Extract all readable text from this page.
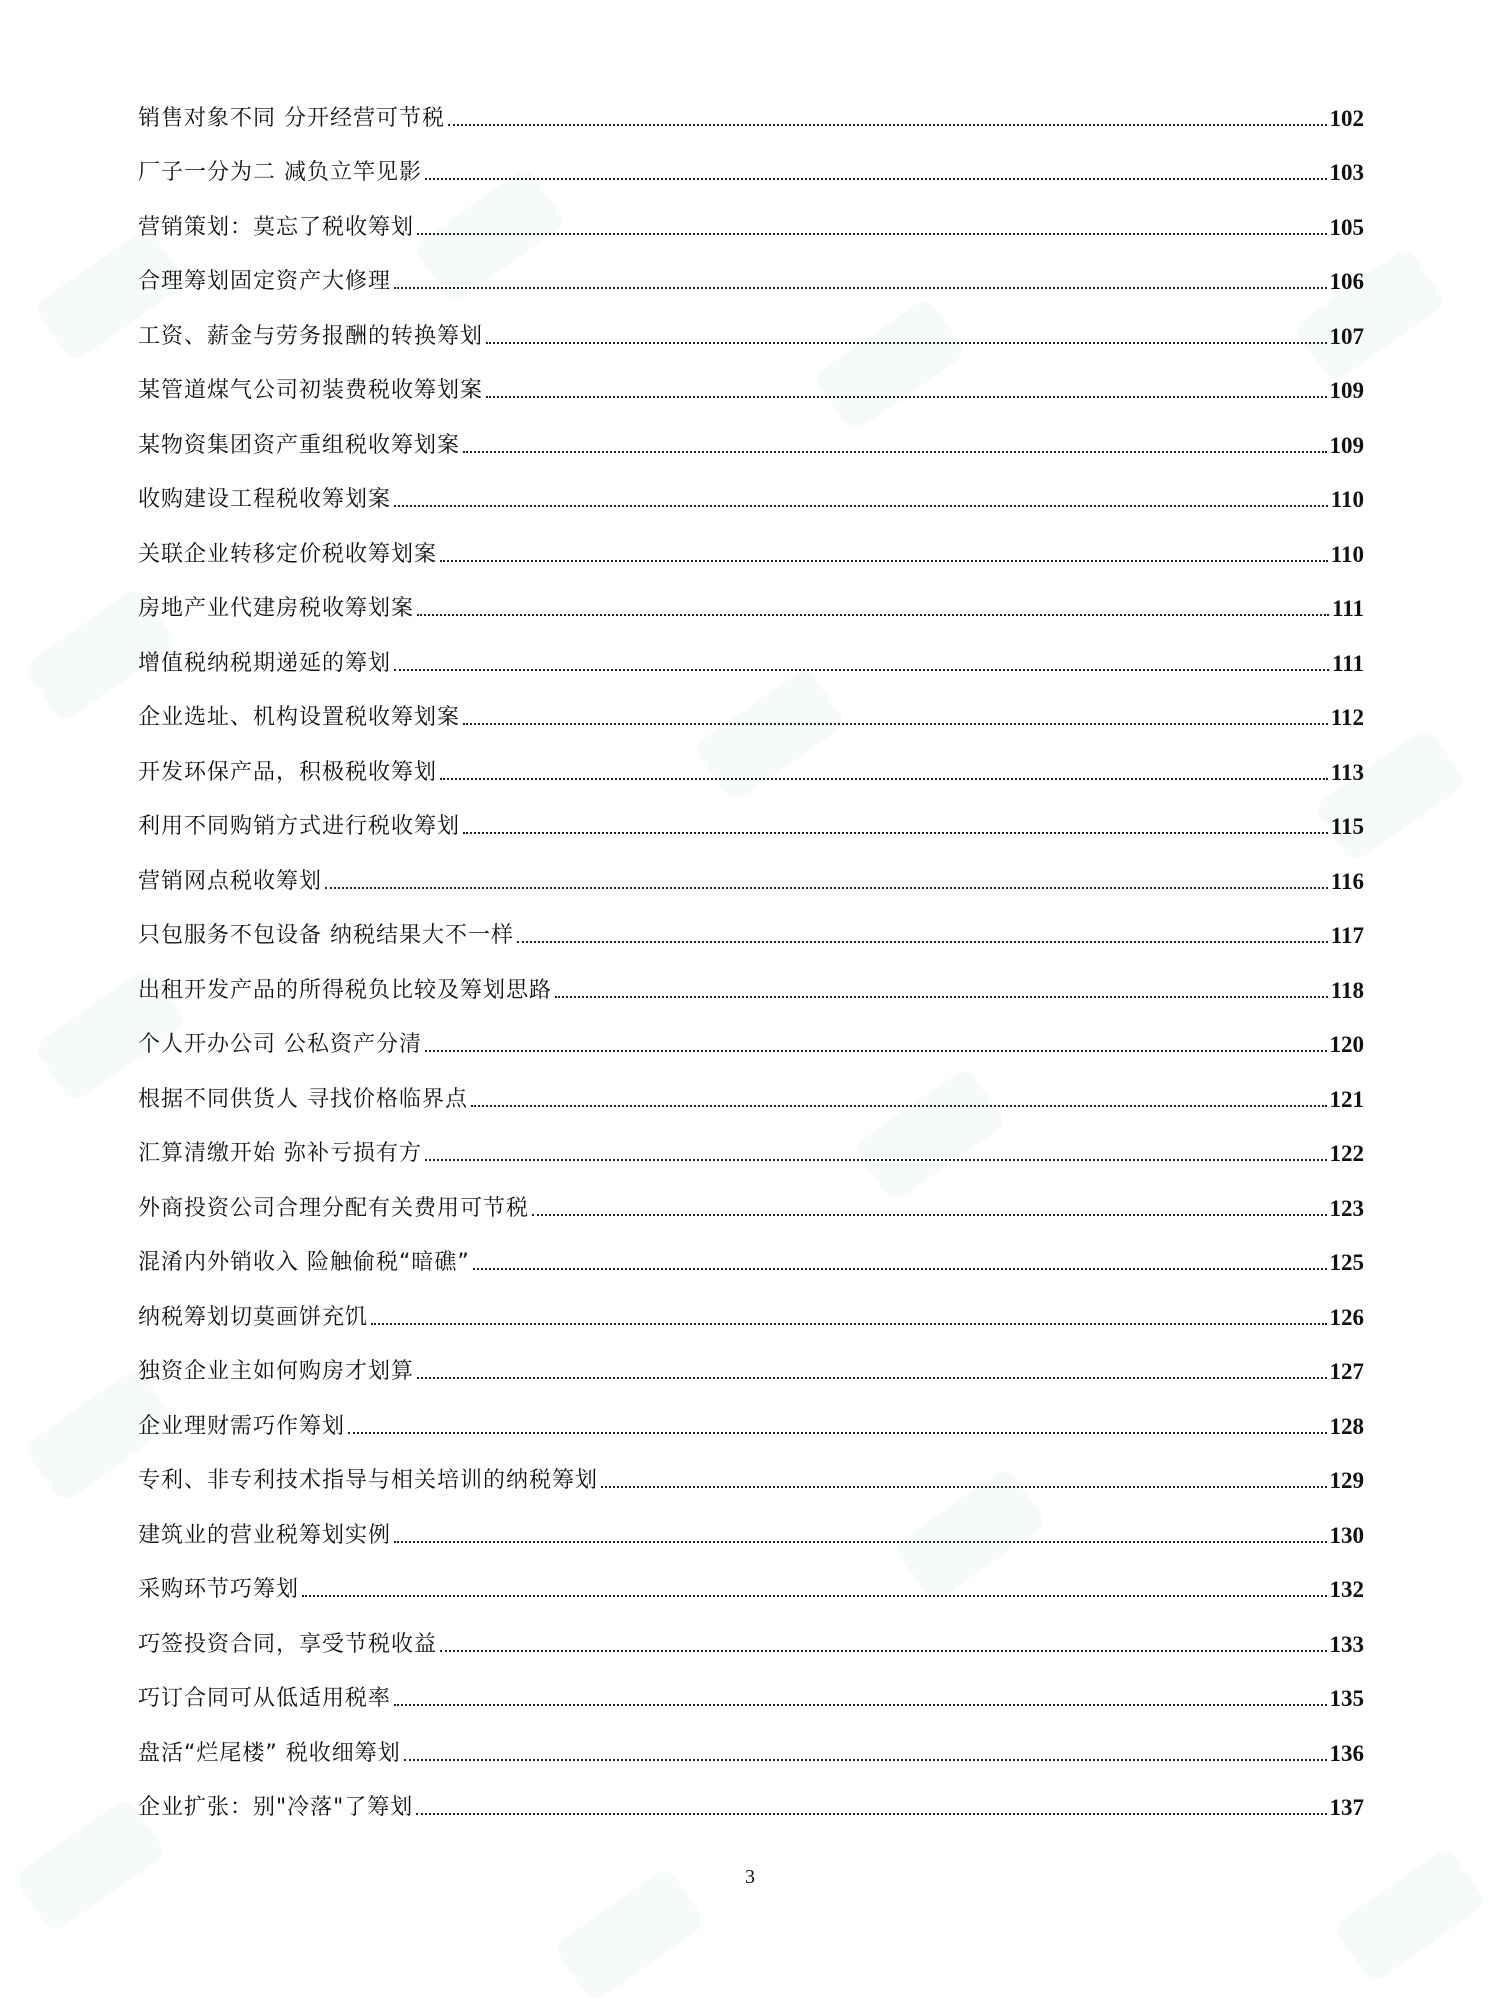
销售对象不同 分开经营可节税	102
厂子一分为二 减负立竿见影	103
营销策划：莫忘了税收筹划	105
合理筹划固定资产大修理	106
工资、薪金与劳务报酬的转换筹划	107
某管道煤气公司初装费税收筹划案	109
某物资集团资产重组税收筹划案	109
收购建设工程税收筹划案	110
关联企业转移定价税收筹划案	110
房地产业代建房税收筹划案	111
增值税纳税期递延的筹划	111
企业选址、机构设置税收筹划案	112
开发环保产品，积极税收筹划	113
利用不同购销方式进行税收筹划	115
营销网点税收筹划	116
只包服务不包设备 纳税结果大不一样	117
出租开发产品的所得税负比较及筹划思路	118
个人开办公司 公私资产分清	120
根据不同供货人 寻找价格临界点	121
汇算清缴开始 弥补亏损有方	122
外商投资公司合理分配有关费用可节税	123
混淆内外销收入 险触偷税“暗礁”	125
纳税筹划切莫画饼充饥	126
独资企业主如何购房才划算	127
企业理财需巧作筹划	128
专利、非专利技术指导与相关培训的纳税筹划	129
建筑业的营业税筹划实例	130
采购环节巧筹划	132
巧签投资合同，享受节税收益	133
巧订合同可从低适用税率	135
盘活“烂尾楼” 税收细筹划	136
企业扩张：别"冷落"了筹划	137
3
